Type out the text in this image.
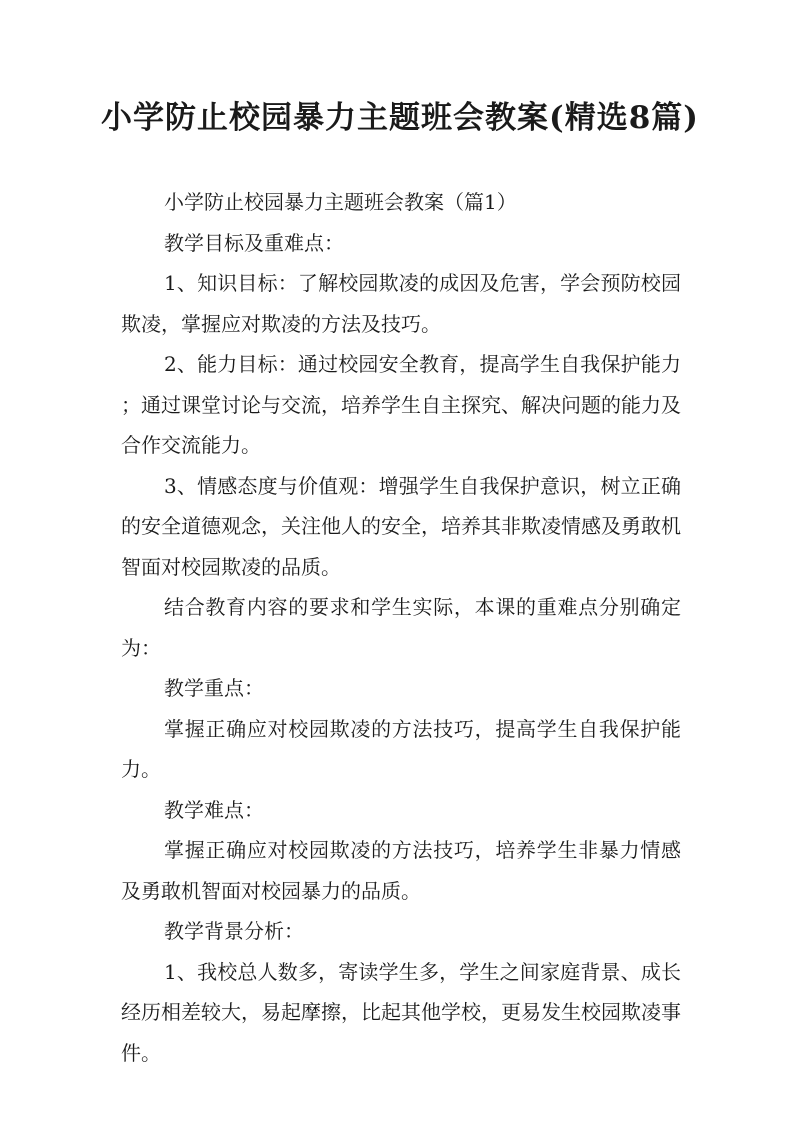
小学防止校园暴力主题班会教案(精选8篇)

小学防止校园暴力主题班会教案（篇1）

教学目标及重难点：

1、知识目标：了解校园欺凌的成因及危害，学会预防校园欺凌，掌握应对欺凌的方法及技巧。

2、能力目标：通过校园安全教育，提高学生自我保护能力；通过课堂讨论与交流，培养学生自主探究、解决问题的能力及合作交流能力。

3、情感态度与价值观：增强学生自我保护意识，树立正确的安全道德观念，关注他人的安全，培养其非欺凌情感及勇敢机智面对校园欺凌的品质。

结合教育内容的要求和学生实际，本课的重难点分别确定为：

教学重点：

掌握正确应对校园欺凌的方法技巧，提高学生自我保护能力。

教学难点：

掌握正确应对校园欺凌的方法技巧，培养学生非暴力情感及勇敢机智面对校园暴力的品质。

教学背景分析：

1、我校总人数多，寄读学生多，学生之间家庭背景、成长经历相差较大，易起摩擦，比起其他学校，更易发生校园欺凌事件。
